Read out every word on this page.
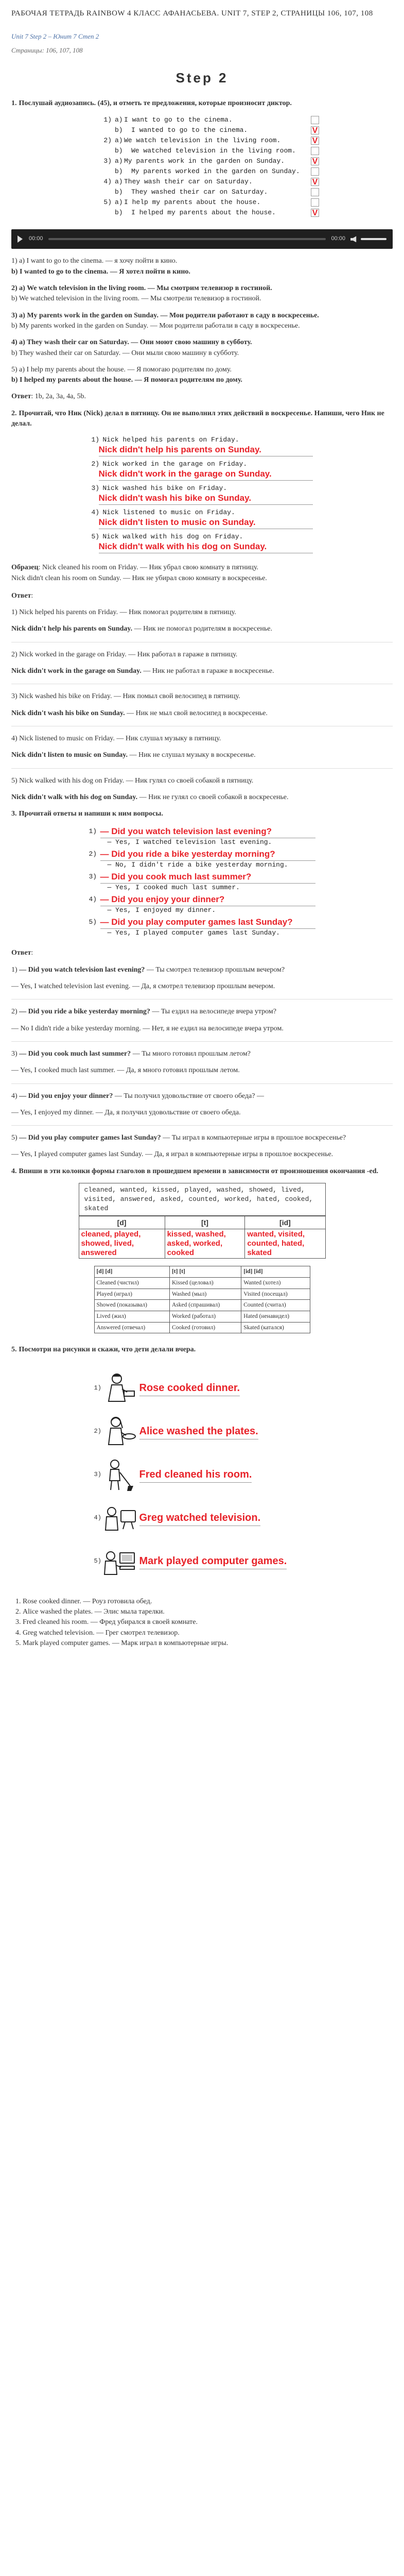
РАБОЧАЯ ТЕТРАДЬ RAINBOW 4 КЛАСС АФАНАСЬЕВА. UNIT 7, STEP 2, СТРАНИЦЫ 106, 107, 108
Unit 7 Step 2 – Юнит 7 Степ 2
Страницы: 106, 107, 108
Step 2
1. Послушай аудиозапись. (45), и отметь те предложения, которые произносит диктор.
1) a) I want to go to the cinema.
b)	I wanted to go to the cinema.	V
2) a) We watch television in the living room.	V
b)	We watched television in the living room.
3) a) My parents work in the garden on Sunday.	V
b)	My parents worked in the garden on Sunday.
4) a) They wash their car on Saturday.	V
b)	They washed their car on Saturday.
5) a) I help my parents about the house.
b)	I helped my parents about the house.	V
00:00	00:00

1) a) I want to go to the cinema. — я хочу пойти в кино.
b) I wanted to go to the cinema. — Я хотел пойти в кино.

2) a) We watch television in the living room. — Мы смотрим телевизор в гостиной.
b) We watched television in the living room. — Мы смотрели телевизор в гостиной.

3) a) My parents work in the garden on Sunday. — Мои родители работают в саду в воскресенье.
b) My parents worked in the garden on Sunday. — Мои родители работали в саду в воскресенье.

4) a) They wash their car on Saturday. — Они моют свою машину в субботу.
b) They washed their car on Saturday. — Они мыли свою машину в субботу.

5) a) I help my parents about the house. — Я помогаю родителям по дому.
b) I helped my parents about the house. — Я помогал родителям по дому.

Ответ: 1b, 2a, 3a, 4a, 5b.

2. Прочитай, что Ник (Nick) делал в пятницу. Он не выполнил этих действий в воскресенье. Напиши, чего Ник не делал.
1) Nick helped his parents on Friday.
Nick didn't help his parents on Sunday.
2) Nick worked in the garage on Friday.
Nick didn't work in the garage on Sunday.
3) Nick washed his bike on Friday.
Nick didn't wash his bike on Sunday.
4) Nick listened to music on Friday.
Nick didn't listen to music on Sunday.
5) Nick walked with his dog on Friday.
Nick didn't walk with his dog on Sunday.

Образец: Nick cleaned his room on Friday. — Ник убрал свою комнату в пятницу.
Nick didn't clean his room on Sunday. — Ник не убирал свою комнату в воскресенье.

Ответ:

1) Nick helped his parents on Friday. — Ник помогал родителям в пятницу.

Nick didn't help his parents on Sunday. — Ник не помогал родителям в воскресенье.

2) Nick worked in the garage on Friday. — Ник работал в гараже в пятницу.

Nick didn't work in the garage on Sunday. — Ник не работал в гараже в воскресенье.

3) Nick washed his bike on Friday. — Ник помыл свой велосипед в пятницу.

Nick didn't wash his bike on Sunday. — Ник не мыл свой велосипед в воскресенье.

4) Nick listened to music on Friday. — Ник слушал музыку в пятницу.

Nick didn't listen to music on Sunday. — Ник не слушал музыку в воскресенье.

5) Nick walked with his dog on Friday. — Ник гулял со своей собакой в пятницу.

Nick didn't walk with his dog on Sunday. — Ник не гулял со своей собакой в воскресенье.

3. Прочитай ответы и напиши к ним вопросы.
1) — Did you watch television last evening?
— Yes, I watched television last evening.
2) — Did you ride a bike yesterday morning?
— No, I didn't ride a bike yesterday morning.
3) — Did you cook much last summer?
— Yes, I cooked much last summer.
4) — Did you enjoy your dinner?
— Yes, I enjoyed my dinner.
5) — Did you play computer games last Sunday?
— Yes, I played computer games last Sunday.

Ответ:

1) — Did you watch television last evening? — Ты смотрел телевизор прошлым вечером?

— Yes, I watched television last evening. — Да, я смотрел телевизор прошлым вечером.

2) — Did you ride a bike yesterday morning? — Ты ездил на велосипеде вчера утром?

— No I didn't ride a bike yesterday morning. — Нет, я не ездил на велосипеде вчера утром.

3) — Did you cook much last summer? — Ты много готовил прошлым летом?

— Yes, I cooked much last summer. — Да, я много готовил прошлым летом.

4) — Did you enjoy your dinner? — Ты получил удовольствие от своего обеда? —

— Yes, I enjoyed my dinner. — Да, я получил удовольствие от своего обеда.

5) — Did you play computer games last Sunday? — Ты играл в компьютерные игры в прошлое воскресенье?

— Yes, I played computer games last Sunday. — Да, я играл в компьютерные игры в прошлое воскресенье.

4. Впиши в эти колонки формы глаголов в прошедшем времени в зависимости от произношения окончания -ed.
cleaned, wanted, kissed, played, washed, showed, lived, visited, answered, asked, counted, worked, hated, cooked, skated
[d]	[t]	[id]
cleaned, played, showed, lived, answered	kissed, washed, asked, worked, cooked	wanted, visited, counted, hated, skated
[d] [d]	[t] [t]	[id] [id]
Cleaned (чистил)	Kissed (целовал)	Wanted (хотел)
Played (играл)	Washed (мыл)	Visited (посещал)
Showed (показывал)	Asked (спрашивал)	Counted (считал)
Lived (жил)	Worked (работал)	Hated (ненавидел)
Answered (отвечал)	Cooked (готовил)	Skated (катался)
5. Посмотри на рисунки и скажи, что дети делали вчера.
1)	Rose cooked dinner.
2)	Alice washed the plates.
3)	Fred cleaned his room.
4)	Greg watched television.
5)	Mark played computer games.
1. Rose cooked dinner. — Роуз готовила обед.
2. Alice washed the plates. — Элис мыла тарелки.
3. Fred cleaned his room. — Фред убирался в своей комнате.
4. Greg watched television. — Грег смотрел телевизор.
5. Mark played computer games. — Марк играл в компьютерные игры.
